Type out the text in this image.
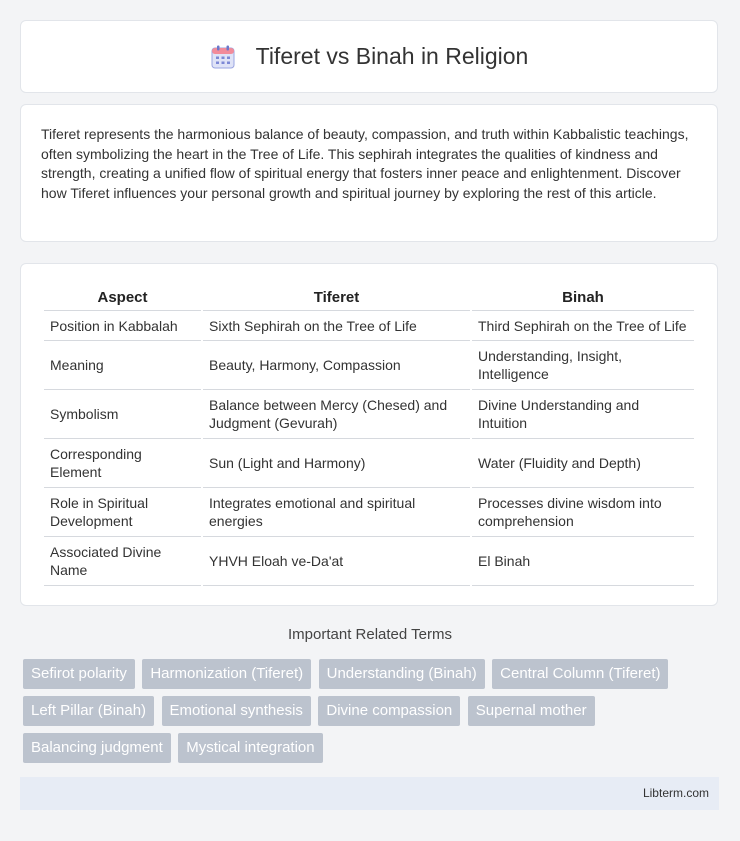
Tiferet vs Binah in Religion

Tiferet represents the harmonious balance of beauty, compassion, and truth within Kabbalistic teachings, often symbolizing the heart in the Tree of Life. This sephirah integrates the qualities of kindness and strength, creating a unified flow of spiritual energy that fosters inner peace and enlightenment. Discover how Tiferet influences your personal growth and spiritual journey by exploring the rest of this article.

Aspect	Tiferet	Binah
Position in Kabbalah	Sixth Sephirah on the Tree of Life	Third Sephirah on the Tree of Life
Meaning	Beauty, Harmony, Compassion	Understanding, Insight, Intelligence
Symbolism	Balance between Mercy (Chesed) and Judgment (Gevurah)	Divine Understanding and Intuition
Corresponding Element	Sun (Light and Harmony)	Water (Fluidity and Depth)
Role in Spiritual Development	Integrates emotional and spiritual energies	Processes divine wisdom into comprehension
Associated Divine Name	YHVH Eloah ve-Da'at	El Binah
Important Related Terms
Sefirot polarity Harmonization (Tiferet) Understanding (Binah) Central Column (Tiferet) Left Pillar (Binah) Emotional synthesis Divine compassion Supernal mother Balancing judgment Mystical integration
Libterm.com
